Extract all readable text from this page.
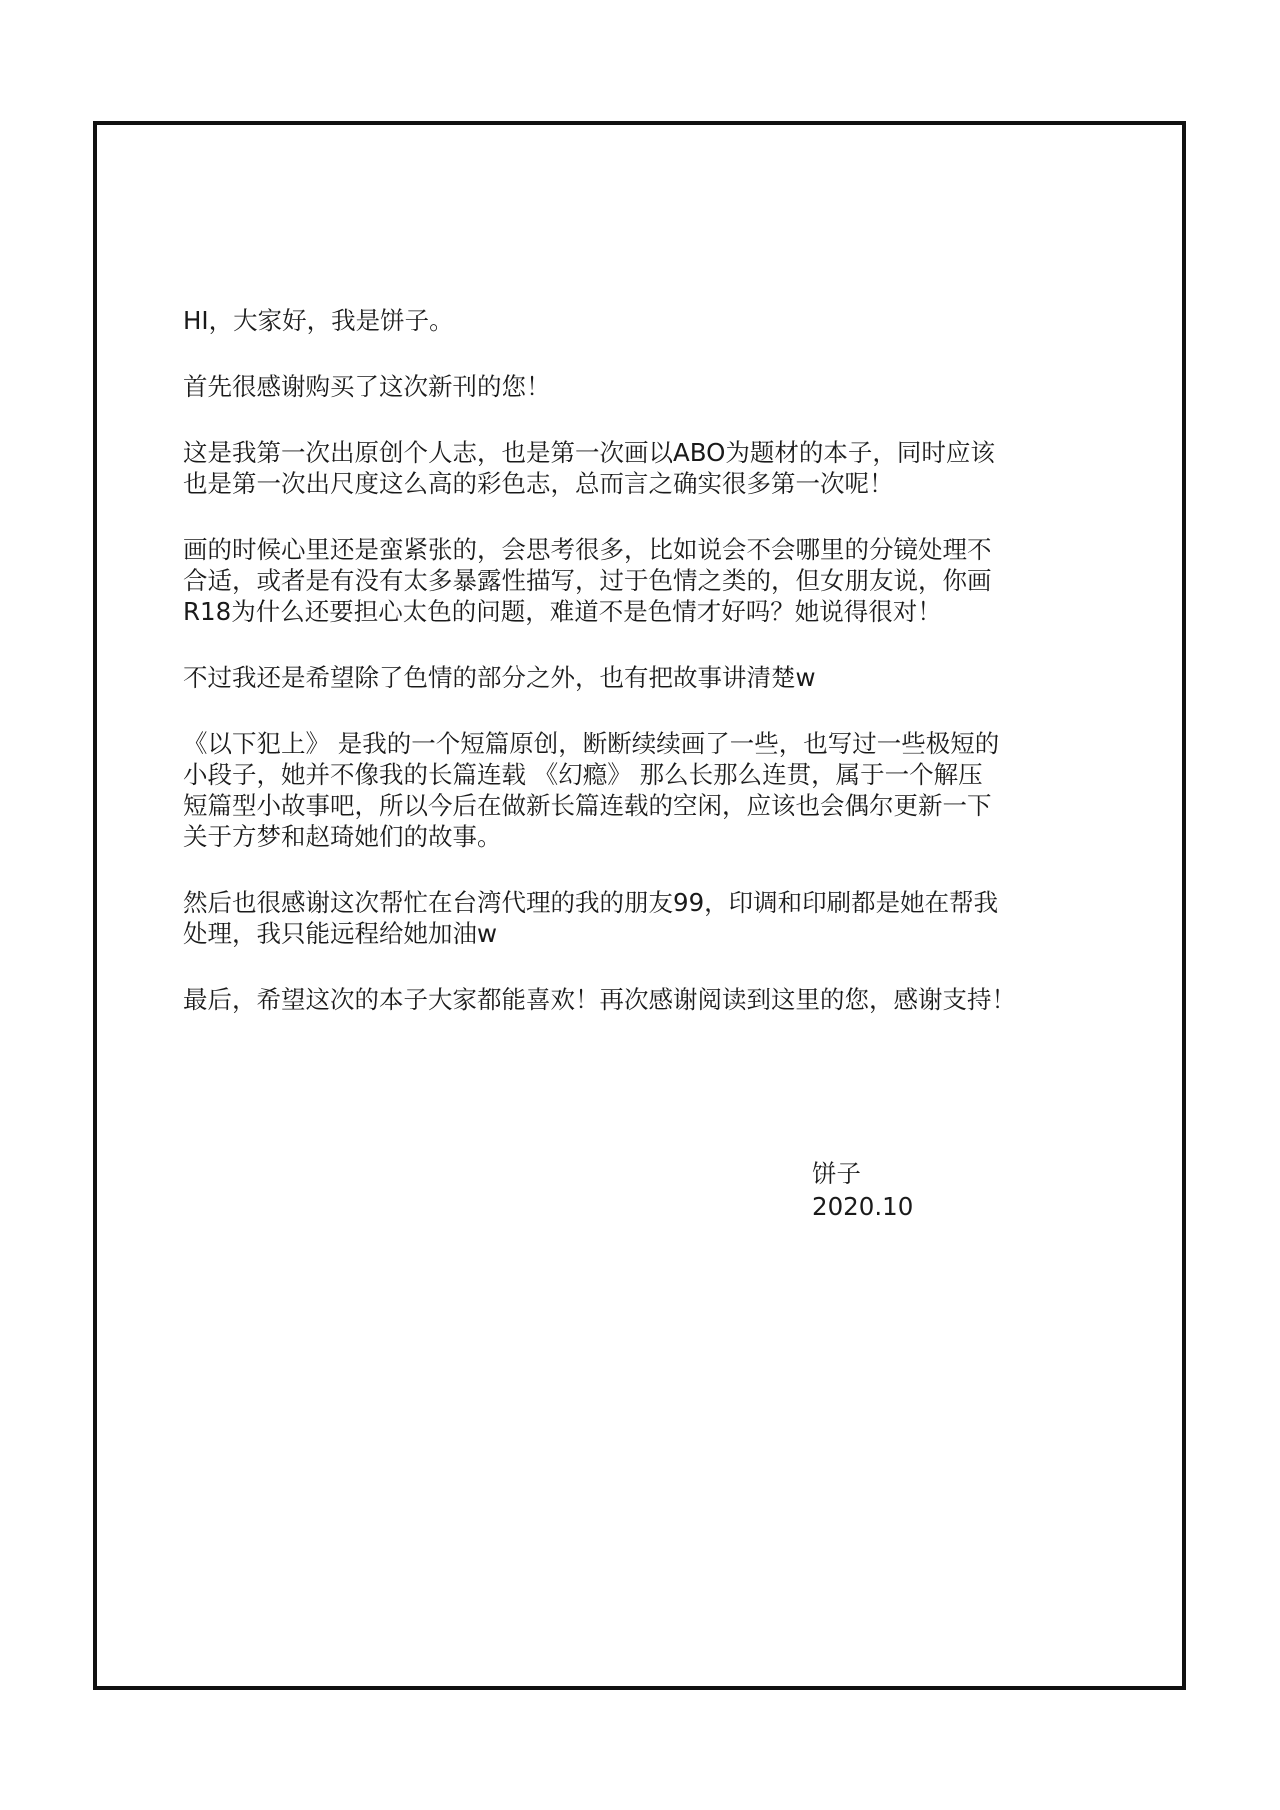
HI，大家好，我是饼子。

首先很感谢购买了这次新刊的您！

这是我第一次出原创个人志，也是第一次画以ABO为题材的本子，同时应该
也是第一次出尺度这么高的彩色志，总而言之确实很多第一次呢！

画的时候心里还是蛮紧张的，会思考很多，比如说会不会哪里的分镜处理不
合适，或者是有没有太多暴露性描写，过于色情之类的，但女朋友说，你画
R18为什么还要担心太色的问题，难道不是色情才好吗？她说得很对！

不过我还是希望除了色情的部分之外，也有把故事讲清楚w

《以下犯上》 是我的一个短篇原创，断断续续画了一些，也写过一些极短的
小段子，她并不像我的长篇连载 《幻瘾》 那么长那么连贯，属于一个解压
短篇型小故事吧，所以今后在做新长篇连载的空闲，应该也会偶尔更新一下
关于方梦和赵琦她们的故事。

然后也很感谢这次帮忙在台湾代理的我的朋友99，印调和印刷都是她在帮我
处理，我只能远程给她加油w

最后，希望这次的本子大家都能喜欢！再次感谢阅读到这里的您，感谢支持！

饼子
2020.10
